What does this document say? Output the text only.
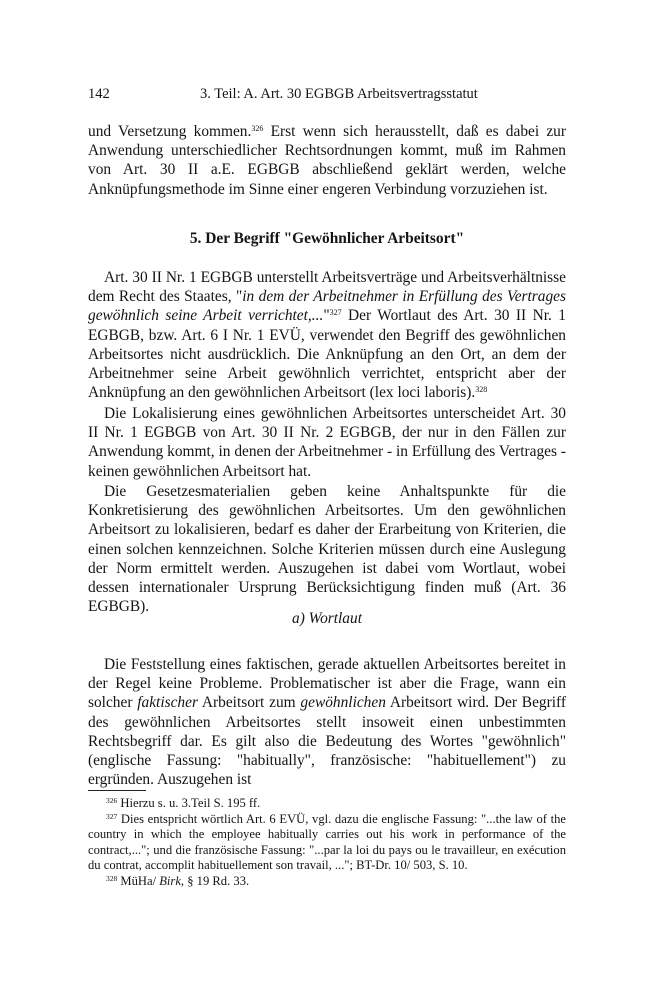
142	3. Teil: A. Art. 30 EGBGB Arbeitsvertragsstatut

und Versetzung kommen.$^{326}$ Erst wenn sich herausstellt, daß es dabei zur Anwendung unterschiedlicher Rechtsordnungen kommt, muß im Rahmen von Art. 30 II a.E. EGBGB abschließend geklärt werden, welche Anknüpfungsmethode im Sinne einer engeren Verbindung vorzuziehen ist.

5. Der Begriff "Gewöhnlicher Arbeitsort"

Art. 30 II Nr. 1 EGBGB unterstellt Arbeitsverträge und Arbeitsverhältnisse dem Recht des Staates, "in dem der Arbeitnehmer in Erfüllung des Vertrages gewöhnlich seine Arbeit verrichtet,..."$^{327}$ Der Wortlaut des Art. 30 II Nr. 1 EGBGB, bzw. Art. 6 I Nr. 1 EVÜ, verwendet den Begriff des gewöhnlichen Arbeitsortes nicht ausdrücklich. Die Anknüpfung an den Ort, an dem der Arbeitnehmer seine Arbeit gewöhnlich verrichtet, entspricht aber der Anknüpfung an den gewöhnlichen Arbeitsort (lex loci laboris).$^{328}$

Die Lokalisierung eines gewöhnlichen Arbeitsortes unterscheidet Art. 30 II Nr. 1 EGBGB von Art. 30 II Nr. 2 EGBGB, der nur in den Fällen zur Anwendung kommt, in denen der Arbeitnehmer - in Erfüllung des Vertrages - keinen gewöhnlichen Arbeitsort hat.

Die Gesetzesmaterialien geben keine Anhaltspunkte für die Konkretisierung des gewöhnlichen Arbeitsortes. Um den gewöhnlichen Arbeitsort zu lokalisieren, bedarf es daher der Erarbeitung von Kriterien, die einen solchen kennzeichnen. Solche Kriterien müssen durch eine Auslegung der Norm ermittelt werden. Auszugehen ist dabei vom Wortlaut, wobei dessen internationaler Ursprung Berücksichtigung finden muß (Art. 36 EGBGB).

a) Wortlaut

Die Feststellung eines faktischen, gerade aktuellen Arbeitsortes bereitet in der Regel keine Probleme. Problematischer ist aber die Frage, wann ein solcher faktischer Arbeitsort zum gewöhnlichen Arbeitsort wird. Der Begriff des gewöhnlichen Arbeitsortes stellt insoweit einen unbestimmten Rechtsbegriff dar. Es gilt also die Bedeutung des Wortes "gewöhnlich" (englische Fassung: "habitually", französische: "habituellement") zu ergründen. Auszugehen ist

$^{326}$ Hierzu s. u. 3.Teil S. 195 ff.

$^{327}$ Dies entspricht wörtlich Art. 6 EVÜ, vgl. dazu die englische Fassung: "...the law of the country in which the employee habitually carries out his work in performance of the contract,..."; und die französische Fassung: "...par la loi du pays ou le travailleur, en exécution du contrat, accomplit habituellement son travail, ..."; BT-Dr. 10/ 503, S. 10.

$^{328}$ MüHa/ Birk, § 19 Rd. 33.
